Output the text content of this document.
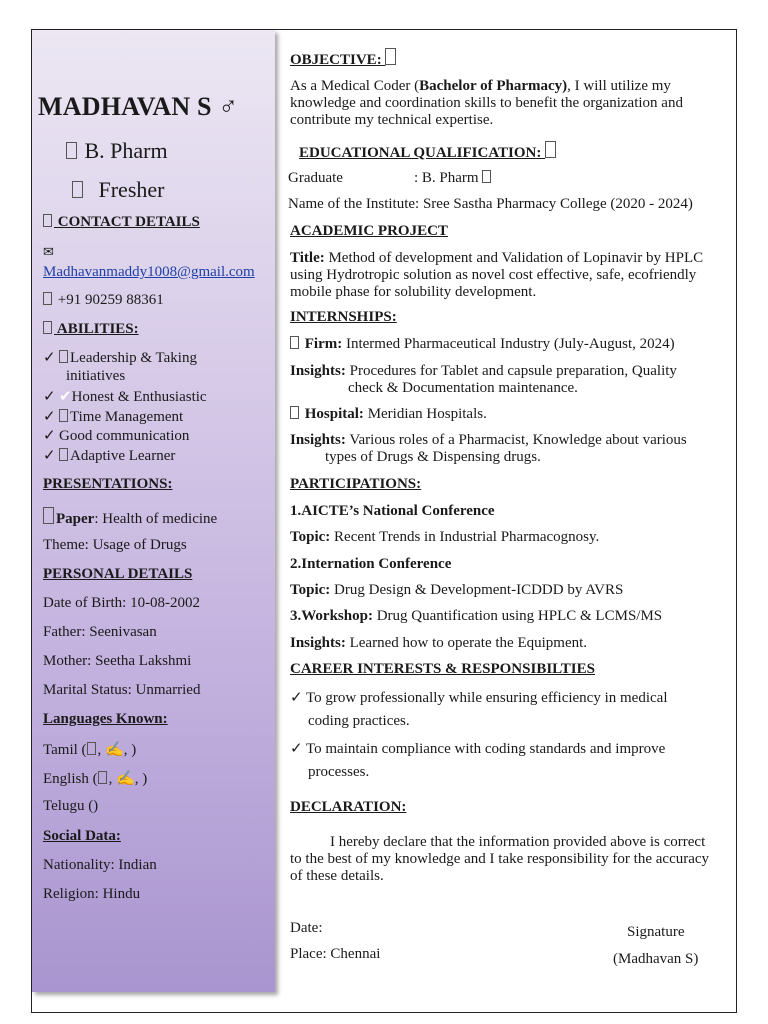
MADHAVAN S ♂
B. Pharm
Fresher
CONTACT DETAILS
✉
Madhavanmaddy1008@gmail.com
+91 90259 88361
ABILITIES:
✓ Leadership & Taking
initiatives
✓ ✔Honest & Enthusiastic
✓ Time Management
✓ Good communication
✓ Adaptive Learner
PRESENTATIONS:
Paper: Health of medicine
Theme: Usage of Drugs
PERSONAL DETAILS
Date of Birth: 10-08-2002
Father: Seenivasan
Mother: Seetha Lakshmi
Marital Status: Unmarried
Languages Known:
Tamil ( , ✍, )
English ( , ✍, )
Telugu ()
Social Data:
Nationality: Indian
Religion: Hindu
OBJECTIVE:
As a Medical Coder (Bachelor of Pharmacy), I will utilize my knowledge and coordination skills to benefit the organization and contribute my technical expertise.
EDUCATIONAL QUALIFICATION:
Graduate	: B. Pharm
Name of the Institute: Sree Sastha Pharmacy College (2020 - 2024)
ACADEMIC PROJECT
Title: Method of development and Validation of Lopinavir by HPLC using Hydrotropic solution as novel cost effective, safe, ecofriendly mobile phase for solubility development.
INTERNSHIPS:
Firm: Intermed Pharmaceutical Industry (July-August, 2024)
Insights: Procedures for Tablet and capsule preparation, Quality
check & Documentation maintenance.
Hospital: Meridian Hospitals.
Insights: Various roles of a Pharmacist, Knowledge about various
types of Drugs & Dispensing drugs.
PARTICIPATIONS:
1.AICTE’s National Conference
Topic: Recent Trends in Industrial Pharmacognosy.
2.Internation Conference
Topic: Drug Design & Development-ICDDD by AVRS
3.Workshop: Drug Quantification using HPLC & LCMS/MS
Insights: Learned how to operate the Equipment.
CAREER INTERESTS & RESPONSIBILTIES
✓ To grow professionally while ensuring efficiency in medical
coding practices.
✓ To maintain compliance with coding standards and improve
processes.
DECLARATION:
I hereby declare that the information provided above is correct to the best of my knowledge and I take responsibility for the accuracy of these details.
Date:
Place: Chennai
Signature
(Madhavan S)
